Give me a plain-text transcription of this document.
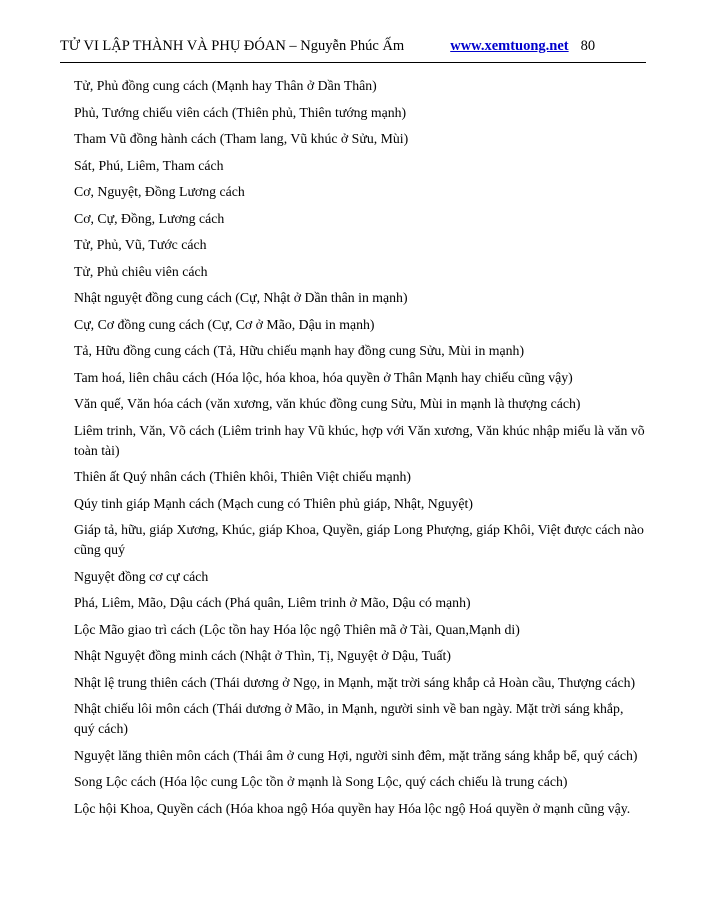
TỬ VI LẬP THÀNH VÀ PHỤ ĐÓAN – Nguyễn Phúc Ấm	www.xemtuong.net 80
Tử, Phủ đồng cung cách (Mạnh hay Thân ở Dần Thân)
Phủ, Tướng chiếu viên cách (Thiên phủ, Thiên tướng mạnh)
Tham Vũ đồng hành cách (Tham lang, Vũ khúc ở Sửu, Mùi)
Sát, Phú, Liêm, Tham cách
Cơ, Nguyệt, Đồng Lương cách
Cơ, Cự, Đồng, Lương cách
Tử, Phủ, Vũ, Tước cách
Tử, Phủ chiêu viên cách
Nhật nguyệt đồng cung cách (Cự, Nhật ở Dần thân in mạnh)
Cự, Cơ đồng cung cách (Cự, Cơ ở Mão, Dậu in mạnh)
Tả, Hữu đồng cung cách (Tả, Hữu chiếu mạnh hay đồng cung Sửu, Mùi in mạnh)
Tam hoá, liên châu cách (Hóa lộc, hóa khoa, hóa quyền ở Thân Mạnh hay chiếu cũng vậy)
Văn quế, Văn hóa cách (văn xương, văn khúc đồng cung Sửu, Mùi in mạnh là thượng cách)
Liêm trinh, Văn, Võ cách (Liêm trinh hay Vũ khúc, hợp với Văn xương, Văn khúc nhập miếu là văn võ toàn tài)
Thiên ất Quý nhân cách (Thiên khôi, Thiên Việt chiếu mạnh)
Qúy tinh giáp Mạnh cách (Mạch cung có Thiên phủ giáp, Nhật, Nguyệt)
Giáp tả, hữu, giáp Xương, Khúc, giáp Khoa, Quyền, giáp Long Phượng, giáp Khôi, Việt được cách nào cũng quý
Nguyệt đồng cơ cự cách
Phá, Liêm, Mão, Dậu cách (Phá quân, Liêm trinh ở Mão, Dậu có mạnh)
Lộc Mão giao trì cách (Lộc tồn hay Hóa lộc ngộ Thiên mã ở Tài, Quan,Mạnh di)
Nhật Nguyệt đồng minh cách (Nhật ở Thìn, Tị, Nguyệt ở Dậu, Tuất)
Nhật lệ trung thiên cách (Thái dương ở Ngọ, in Mạnh, mặt trời sáng khắp cả Hoàn cầu, Thượng cách)
Nhật chiếu lôi môn cách (Thái dương ở Mão, in Mạnh, người sinh về ban ngày. Mặt trời sáng khắp, quý cách)
Nguyệt lăng thiên môn cách (Thái âm ở cung Hợi, người sinh đêm, mặt trăng sáng khắp bể, quý cách)
Song Lộc cách (Hóa lộc cung Lộc tồn ở mạnh là Song Lộc, quý cách chiếu là trung cách)
Lộc hội Khoa, Quyền cách (Hóa khoa ngộ Hóa quyền hay Hóa lộc ngộ Hoá quyền ở mạnh cũng vậy.
